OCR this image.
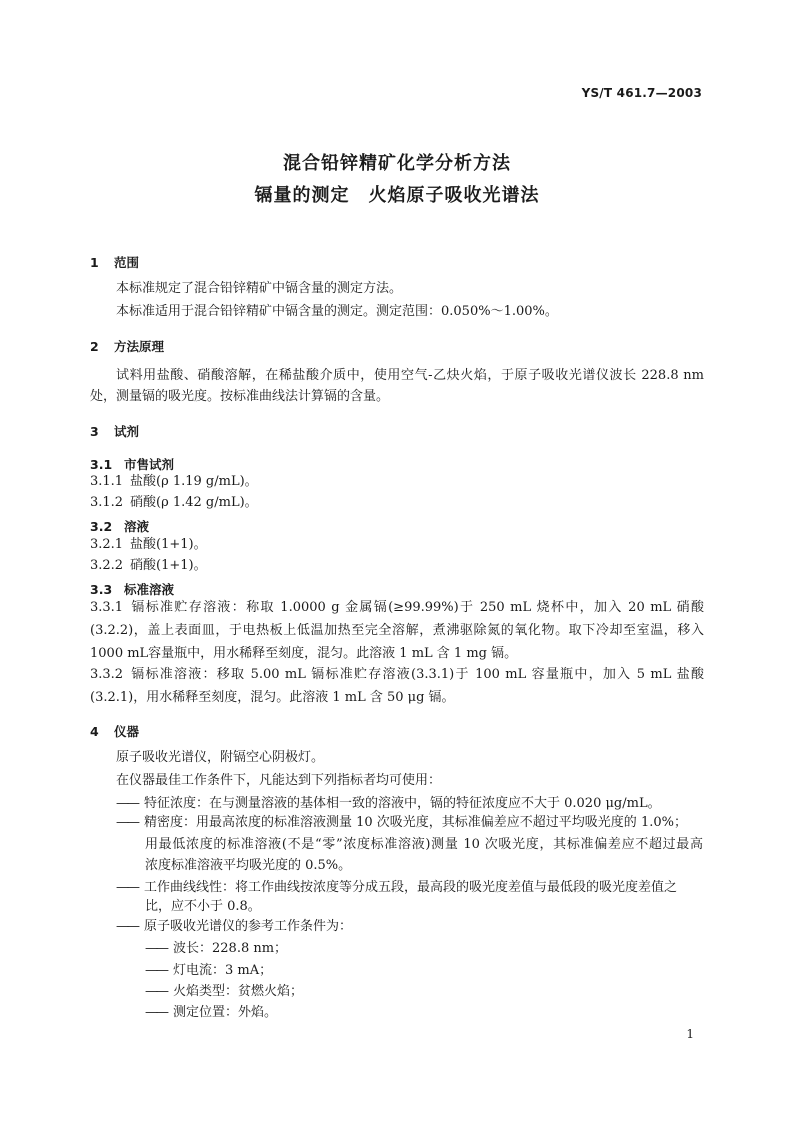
YS/T 461.7—2003
混合铅锌精矿化学分析方法
镉量的测定　火焰原子吸收光谱法
1 范围
本标准规定了混合铅锌精矿中镉含量的测定方法。
本标准适用于混合铅锌精矿中镉含量的测定。测定范围：0.050%～1.00%。
2 方法原理
试料用盐酸、硝酸溶解，在稀盐酸介质中，使用空气-乙炔火焰，于原子吸收光谱仪波长 228.8 nm
处，测量镉的吸光度。按标准曲线法计算镉的含量。
3 试剂
3.1 市售试剂
3.1.1 盐酸(ρ 1.19 g/mL)。
3.1.2 硝酸(ρ 1.42 g/mL)。
3.2 溶液
3.2.1 盐酸(1+1)。
3.2.2 硝酸(1+1)。
3.3 标准溶液
3.3.1 镉标准贮存溶液：称取 1.0000 g 金属镉(≥99.99%)于 250 mL 烧杯中，加入 20 mL 硝酸
(3.2.2)，盖上表面皿，于电热板上低温加热至完全溶解，煮沸驱除氮的氧化物。取下冷却至室温，移入
1000 mL容量瓶中，用水稀释至刻度，混匀。此溶液 1 mL 含 1 mg 镉。
3.3.2 镉标准溶液：移取 5.00 mL 镉标准贮存溶液(3.3.1)于 100 mL 容量瓶中，加入 5 mL 盐酸
(3.2.1)，用水稀释至刻度，混匀。此溶液 1 mL 含 50 μg 镉。
4 仪器
原子吸收光谱仪，附镉空心阴极灯。
在仪器最佳工作条件下，凡能达到下列指标者均可使用：
—— 特征浓度：在与测量溶液的基体相一致的溶液中，镉的特征浓度应不大于 0.020 μg/mL。
—— 精密度：用最高浓度的标准溶液测量 10 次吸光度，其标准偏差应不超过平均吸光度的 1.0%；
用最低浓度的标准溶液(不是“零”浓度标准溶液)测量 10 次吸光度，其标准偏差应不超过最高
浓度标准溶液平均吸光度的 0.5%。
—— 工作曲线线性：将工作曲线按浓度等分成五段，最高段的吸光度差值与最低段的吸光度差值之
比，应不小于 0.8。
—— 原子吸收光谱仪的参考工作条件为：
—— 波长：228.8 nm；
—— 灯电流：3 mA；
—— 火焰类型：贫燃火焰；
—— 测定位置：外焰。
1
